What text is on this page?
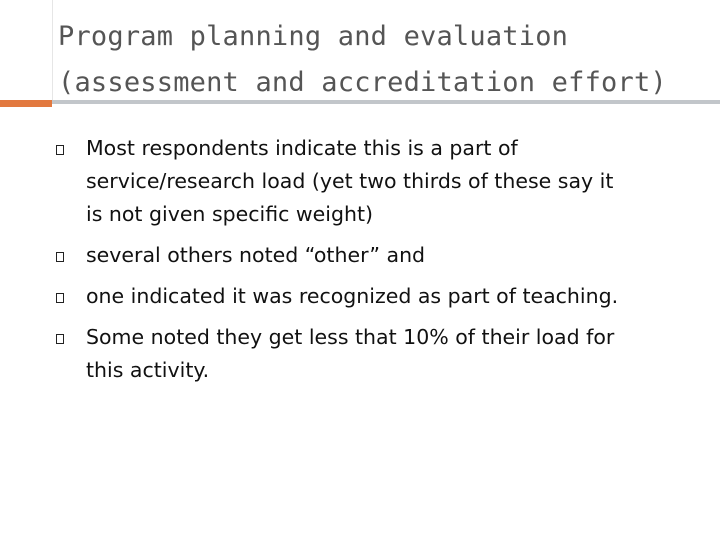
Program planning and evaluation
(assessment and accreditation effort)
Most respondents indicate this is a part of
service/research load (yet two thirds of these say it
is not given specific weight)
several others noted “other” and
one indicated it was recognized as part of teaching.
Some noted they get less that 10% of their load for
this activity.
